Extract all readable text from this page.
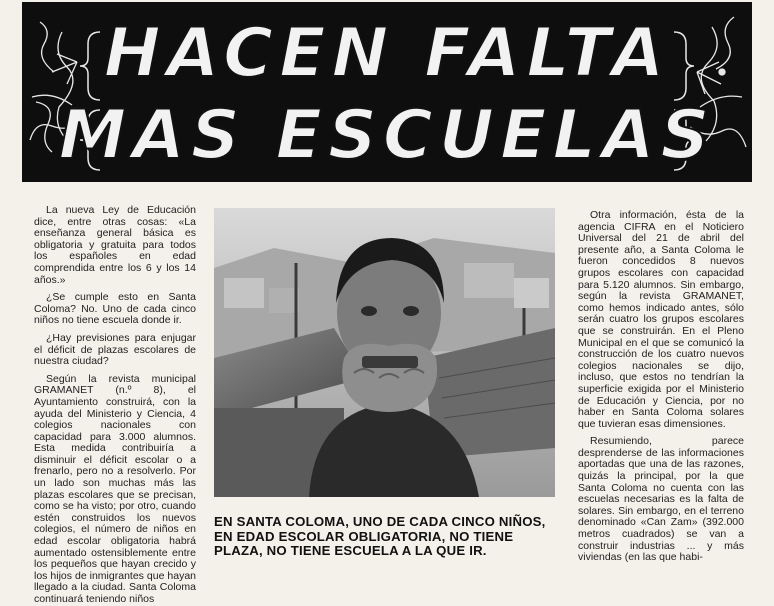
HACEN FALTA
MAS ESCUELAS

La nueva Ley de Educación dice, entre otras cosas: «La enseñanza general básica es obligatoria y gratuita para todos los españoles en edad comprendida entre los 6 y los 14 años.»

¿Se cumple esto en Santa Coloma? No. Uno de cada cinco niños no tiene escuela donde ir.

¿Hay previsiones para enjugar el déficit de plazas escolares de nuestra ciudad?

Según la revista municipal GRAMANET (n.º 8), el Ayuntamiento construirá, con la ayuda del Ministerio y Ciencia, 4 colegios nacionales con capacidad para 3.000 alumnos. Esta medida contribuiría a disminuir el déficit escolar o a frenarlo, pero no a resolverlo. Por un lado son muchas más las plazas escolares que se precisan, como se ha visto; por otro, cuando estén construidos los nuevos colegios, el número de niños en edad escolar obligatoria habrá aumentado ostensiblemente entre los pequeños que hayan crecido y los hijos de inmigrantes que hayan llegado a la ciudad. Santa Coloma continuará teniendo niños

EN SANTA COLOMA, UNO DE CADA CINCO NIÑOS, EN EDAD ESCOLAR OBLIGATORIA, NO TIENE PLAZA, NO TIENE ESCUELA A LA QUE IR.

Otra información, ésta de la agencia CIFRA en el Noticiero Universal del 21 de abril del presente año, a Santa Coloma le fueron concedidos 8 nuevos grupos escolares con capacidad para 5.120 alumnos. Sin embargo, según la revista GRAMANET, como hemos indicado antes, sólo serán cuatro los grupos escolares que se construirán. En el Pleno Municipal en el que se comunicó la construcción de los cuatro nuevos colegios nacionales se dijo, incluso, que estos no tendrían la superficie exigida por el Ministerio de Educación y Ciencia, por no haber en Santa Coloma solares que tuvieran esas dimensiones.

Resumiendo, parece desprenderse de las informaciones aportadas que una de las razones, quizás la principal, por la que Santa Coloma no cuenta con las escuelas necesarias es la falta de solares. Sin embargo, en el terreno denominado «Can Zam» (392.000 metros cuadrados) se van a construir industrias ... y más viviendas (en las que habi-
